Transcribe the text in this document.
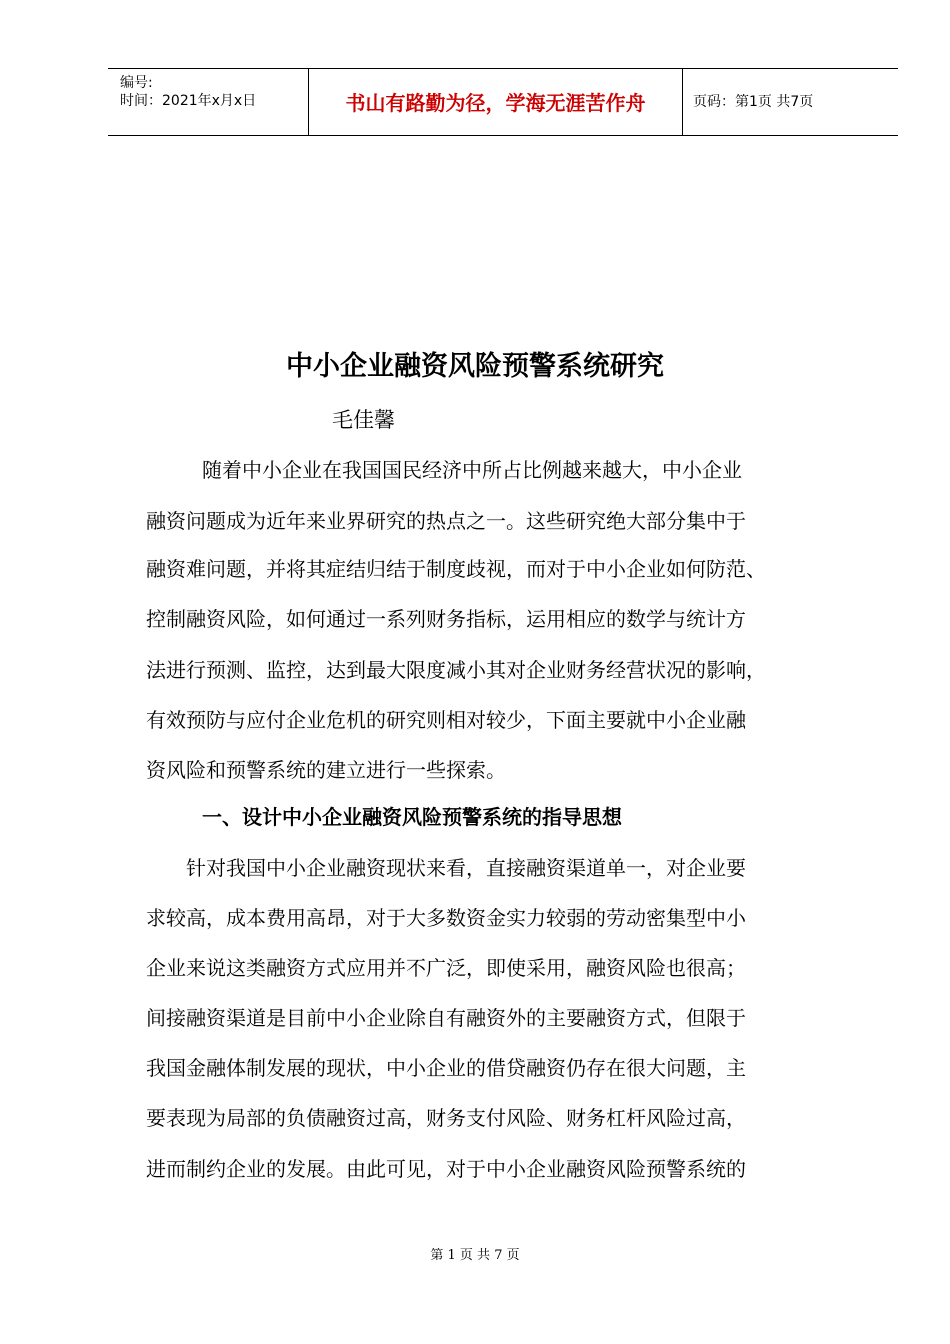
编号:
时间：2021年x月x日	书山有路勤为径，学海无涯苦作舟	页码：第1页 共7页
中小企业融资风险预警系统研究
毛佳馨
随着中小企业在我国国民经济中所占比例越来越大，中小企业
融资问题成为近年来业界研究的热点之一。这些研究绝大部分集中于
融资难问题，并将其症结归结于制度歧视，而对于中小企业如何防范、
控制融资风险，如何通过一系列财务指标，运用相应的数学与统计方
法进行预测、监控，达到最大限度减小其对企业财务经营状况的影响，
有效预防与应付企业危机的研究则相对较少，下面主要就中小企业融
资风险和预警系统的建立进行一些探索。
一、设计中小企业融资风险预警系统的指导思想
针对我国中小企业融资现状来看，直接融资渠道单一，对企业要
求较高，成本费用高昂，对于大多数资金实力较弱的劳动密集型中小
企业来说这类融资方式应用并不广泛，即使采用，融资风险也很高；
间接融资渠道是目前中小企业除自有融资外的主要融资方式，但限于
我国金融体制发展的现状，中小企业的借贷融资仍存在很大问题，主
要表现为局部的负债融资过高，财务支付风险、财务杠杆风险过高，
进而制约企业的发展。由此可见，对于中小企业融资风险预警系统的
第 1 页 共 7 页
